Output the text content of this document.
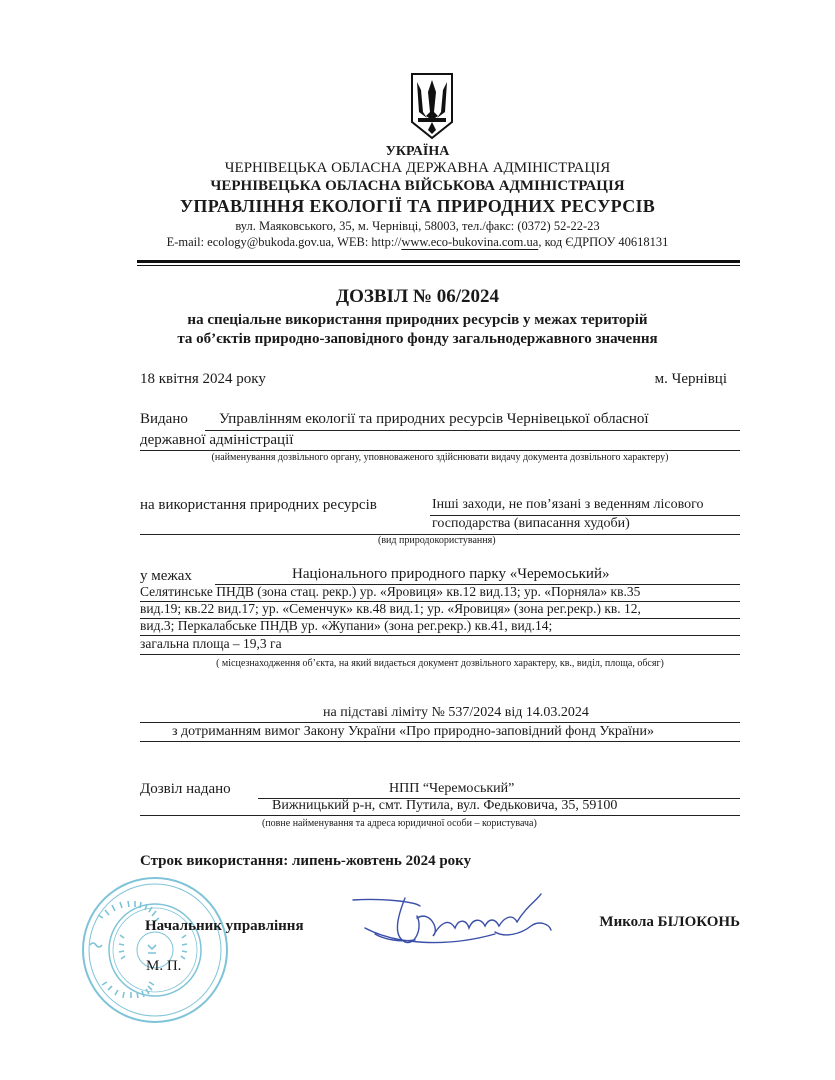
УКРАЇНА
ЧЕРНІВЕЦЬКА ОБЛАСНА ДЕРЖАВНА АДМІНІСТРАЦІЯ
ЧЕРНІВЕЦЬКА ОБЛАСНА ВІЙСЬКОВА АДМІНІСТРАЦІЯ
УПРАВЛІННЯ ЕКОЛОГІЇ ТА ПРИРОДНИХ РЕСУРСІВ
вул. Маяковського, 35, м. Чернівці, 58003, тел./факс: (0372) 52-22-23
E-mail: ecology@bukoda.gov.ua, WEB: http://www.eco-bukovina.com.ua, код ЄДРПОУ 40618131
ДОЗВІЛ № 06/2024
на спеціальне використання природних ресурсів у межах територій
та об’єктів природно-заповідного фонду загальнодержавного значення
18 квітня 2024 року	м. Чернівці
Видано Управлінням екології та природних ресурсів Чернівецької обласної
державної адміністрації
(найменування дозвільного органу, уповноваженого здійснювати видачу документа дозвільного характеру)
на використання природних ресурсів	Інші заходи, не пов’язані з веденням лісового
господарства (випасання худоби)
(вид природокористування)
у межах	Національного природного парку «Черемоський»
Селятинське ПНДВ (зона стац. рекр.) ур. «Яровиця» кв.12 вид.13; ур. «Порняла» кв.35
вид.19; кв.22 вид.17; ур. «Семенчук» кв.48 вид.1; ур. «Яровиця» (зона рег.рекр.) кв. 12,
вид.3; Перкалабське ПНДВ ур. «Жупани» (зона рег.рекр.) кв.41, вид.14;
загальна площа – 19,3 га
( місцезнаходження об’єкта, на який видається документ дозвільного характеру, кв., виділ, площа, обсяг)
на підставі ліміту № 537/2024 від 14.03.2024
з дотриманням вимог Закону України «Про природно-заповідний фонд України»
Дозвіл надано	НПП “Черемоський”
Вижницький р-н, смт. Путила, вул. Федьковича, 35, 59100
(повне найменування та адреса юридичної особи – користувача)
Строк використання: липень-жовтень 2024 року
Начальник управління
М. П.
Микола БІЛОКОНЬ
